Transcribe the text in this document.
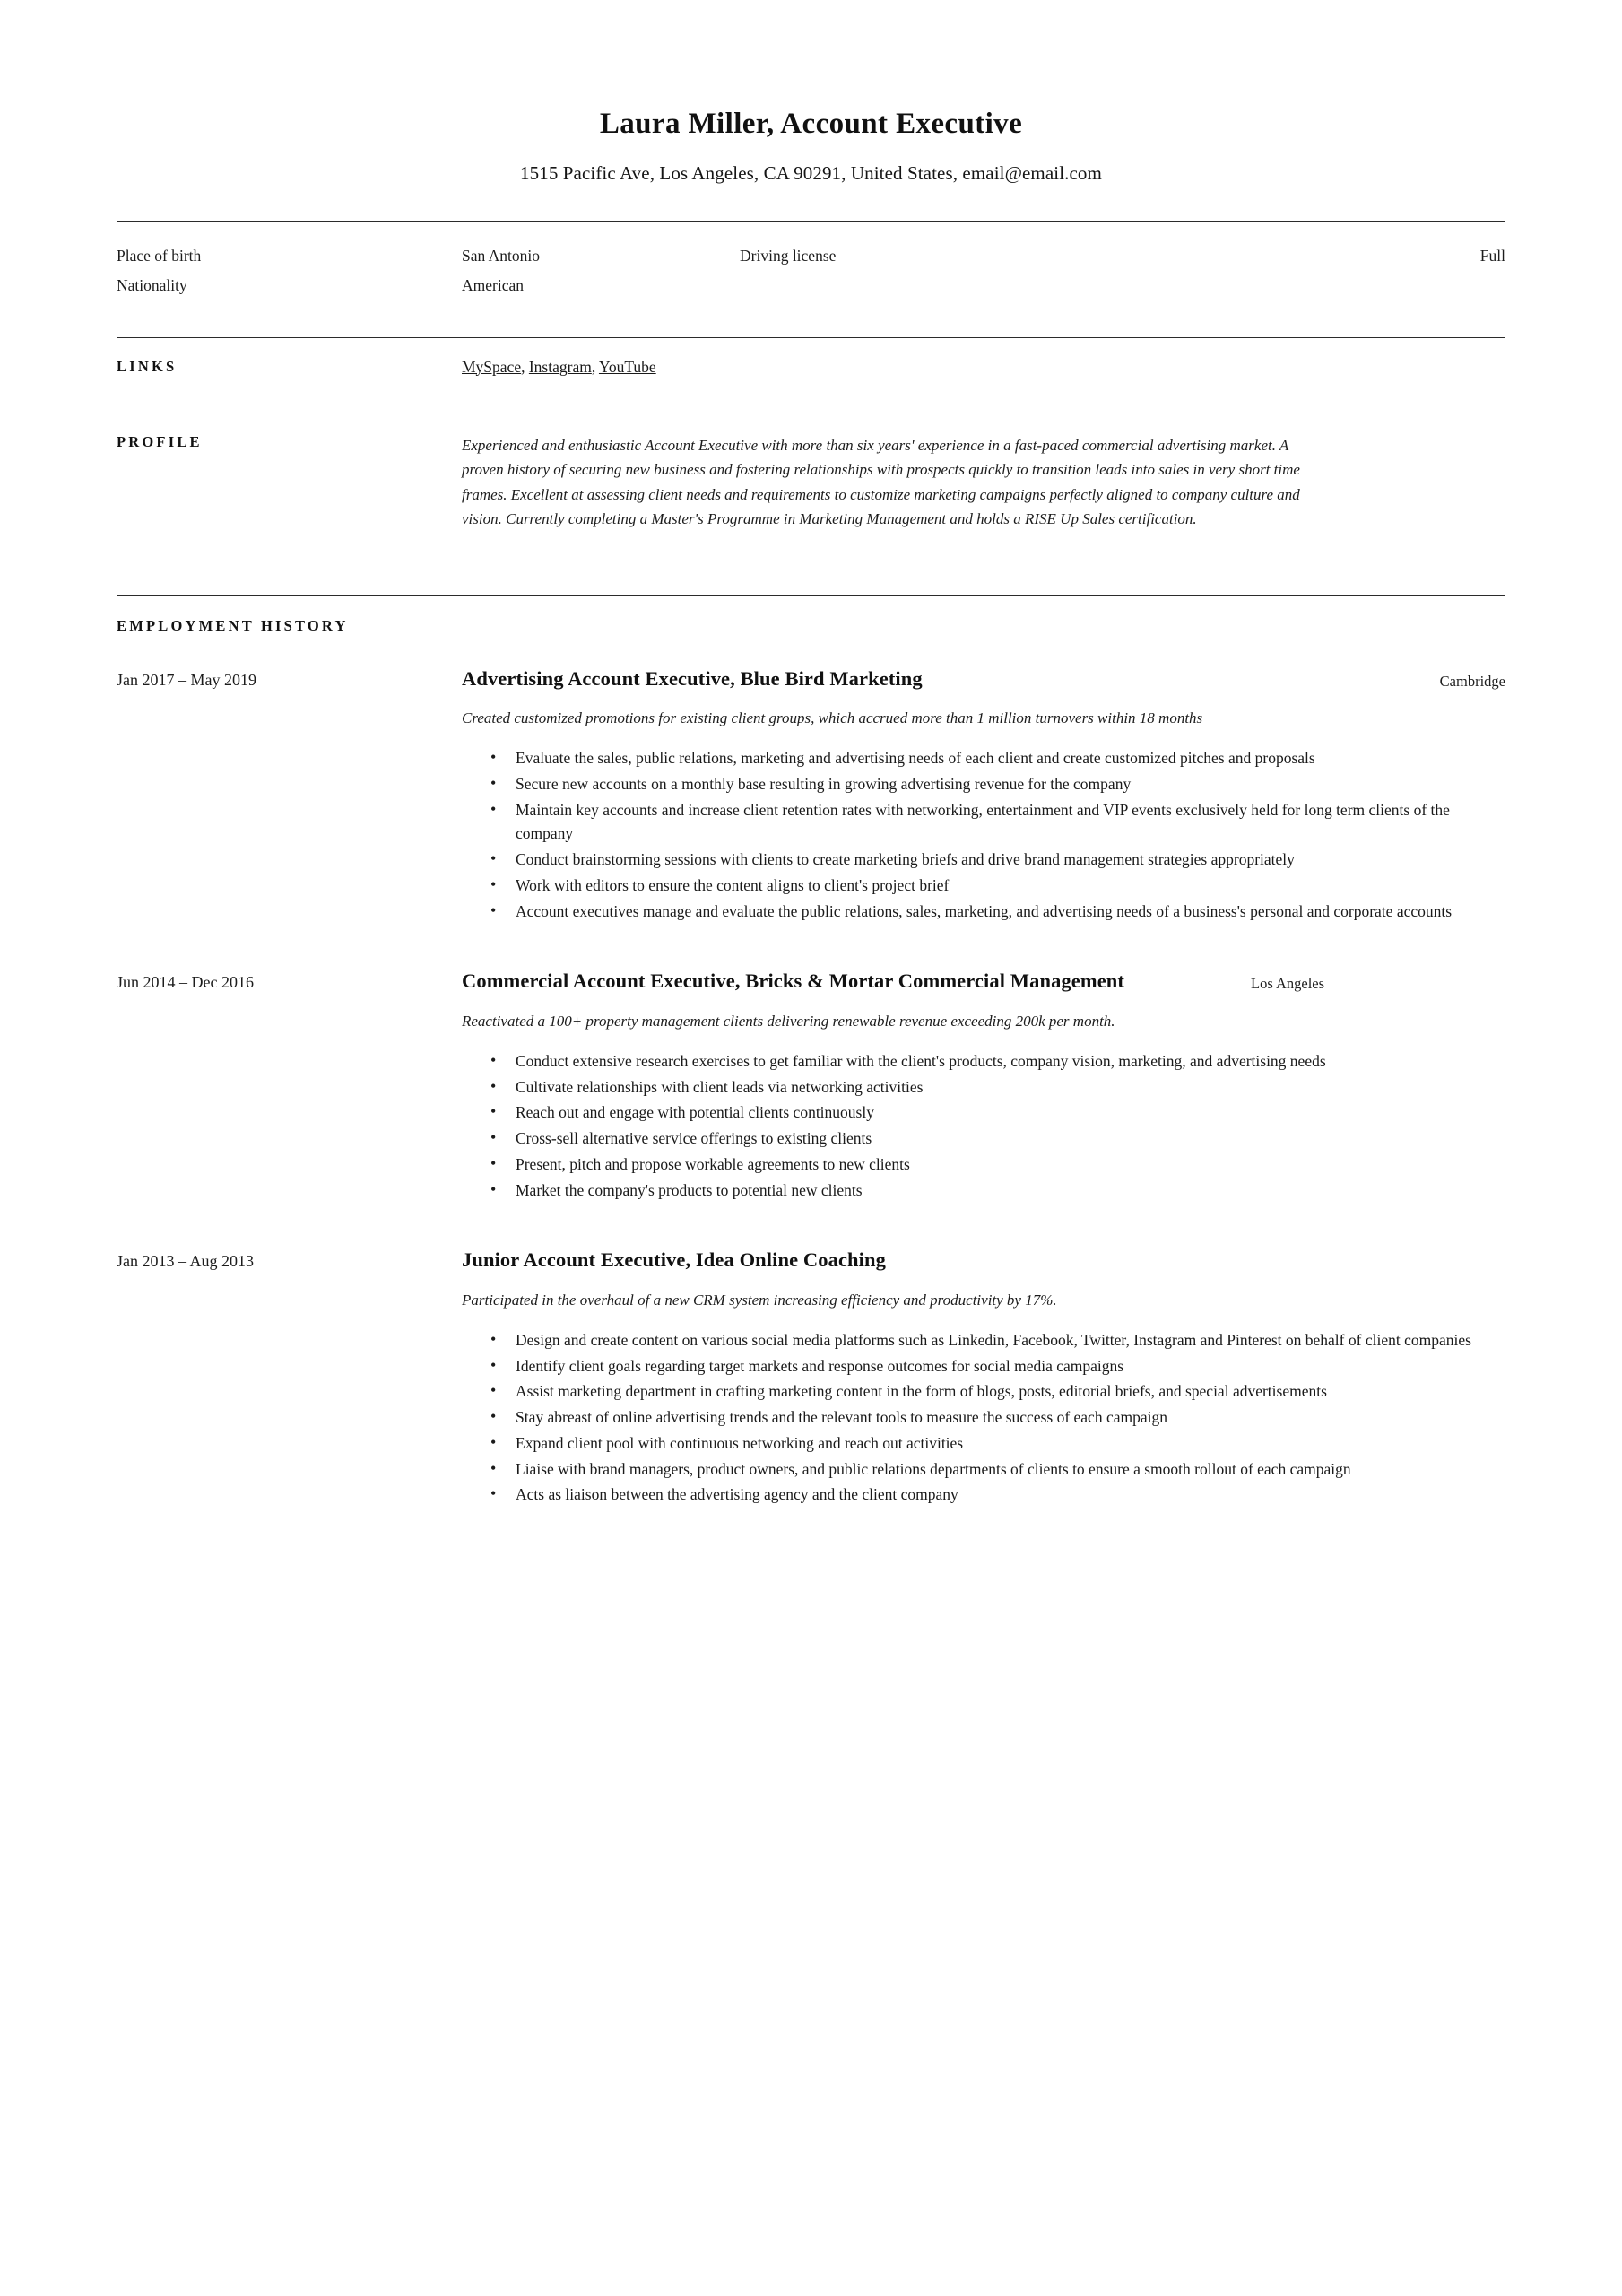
Laura Miller, Account Executive
1515 Pacific Ave, Los Angeles, CA 90291, United States, email@email.com
Place of birth	San Antonio	Driving license	Full
Nationality	American
LINKS	MySpace, Instagram, YouTube
PROFILE	Experienced and enthusiastic Account Executive with more than six years' experience in a fast-paced commercial advertising market. A proven history of securing new business and fostering relationships with prospects quickly to transition leads into sales in very short time frames. Excellent at assessing client needs and requirements to customize marketing campaigns perfectly aligned to company culture and vision. Currently completing a Master's Programme in Marketing Management and holds a RISE Up Sales certification.
EMPLOYMENT HISTORY
Jan 2017 – May 2019	Advertising Account Executive, Blue Bird Marketing	Cambridge
Created customized promotions for existing client groups, which accrued more than 1 million turnovers within 18 months
• Evaluate the sales, public relations, marketing and advertising needs of each client and create customized pitches and proposals
• Secure new accounts on a monthly base resulting in growing advertising revenue for the company
• Maintain key accounts and increase client retention rates with networking, entertainment and VIP events exclusively held for long term clients of the company
• Conduct brainstorming sessions with clients to create marketing briefs and drive brand management strategies appropriately
• Work with editors to ensure the content aligns to client's project brief
• Account executives manage and evaluate the public relations, sales, marketing, and advertising needs of a business's personal and corporate accounts
Jun 2014 – Dec 2016	Commercial Account Executive, Bricks & Mortar Commercial Management	Los Angeles
Reactivated a 100+ property management clients delivering renewable revenue exceeding 200k per month.
• Conduct extensive research exercises to get familiar with the client's products, company vision, marketing, and advertising needs
• Cultivate relationships with client leads via networking activities
• Reach out and engage with potential clients continuously
• Cross-sell alternative service offerings to existing clients
• Present, pitch and propose workable agreements to new clients
• Market the company's products to potential new clients
Jan 2013 – Aug 2013	Junior Account Executive, Idea Online Coaching
Participated in the overhaul of a new CRM system increasing efficiency and productivity by 17%.
• Design and create content on various social media platforms such as Linkedin, Facebook, Twitter, Instagram and Pinterest on behalf of client companies
• Identify client goals regarding target markets and response outcomes for social media campaigns
• Assist marketing department in crafting marketing content in the form of blogs, posts, editorial briefs, and special advertisements
• Stay abreast of online advertising trends and the relevant tools to measure the success of each campaign
• Expand client pool with continuous networking and reach out activities
• Liaise with brand managers, product owners, and public relations departments of clients to ensure a smooth rollout of each campaign
• Acts as liaison between the advertising agency and the client company
